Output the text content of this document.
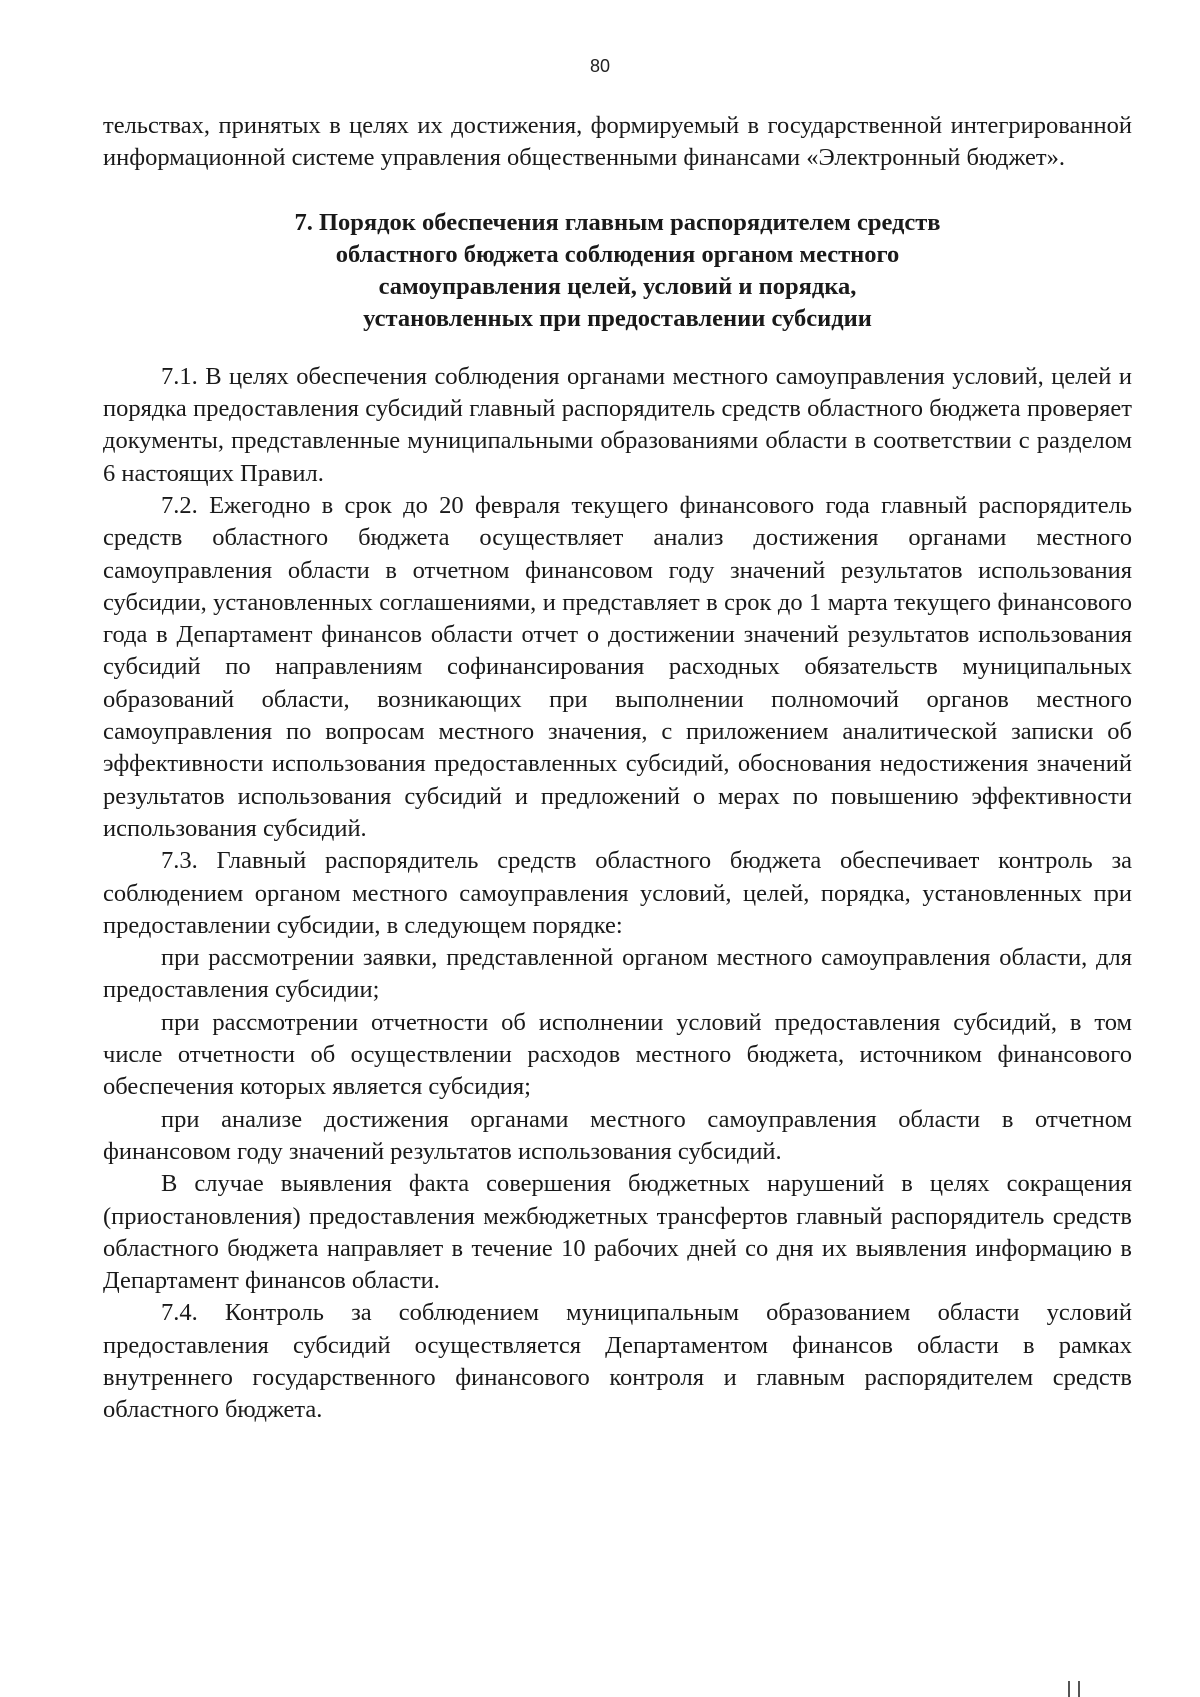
80

тельствах, принятых в целях их достижения, формируемый в государственной интегрированной информационной системе управления общественными финансами «Электронный бюджет».

7. Порядок обеспечения главным распорядителем средств
областного бюджета соблюдения органом местного
самоуправления целей, условий и порядка,
установленных при предоставлении субсидии

7.1. В целях обеспечения соблюдения органами местного самоуправления условий, целей и порядка предоставления субсидий главный распорядитель средств областного бюджета проверяет документы, представленные муниципальными образованиями области в соответствии с разделом 6 настоящих Правил.

7.2. Ежегодно в срок до 20 февраля текущего финансового года главный распорядитель средств областного бюджета осуществляет анализ достижения органами местного самоуправления области в отчетном финансовом году значений результатов использования субсидии, установленных соглашениями, и представляет в срок до 1 марта текущего финансового года в Департамент финансов области отчет о достижении значений результатов использования субсидий по направлениям софинансирования расходных обязательств муниципальных образований области, возникающих при выполнении полномочий органов местного самоуправления по вопросам местного значения, с приложением аналитической записки об эффективности использования предоставленных субсидий, обоснования недостижения значений результатов использования субсидий и предложений о мерах по повышению эффективности использования субсидий.

7.3. Главный распорядитель средств областного бюджета обеспечивает контроль за соблюдением органом местного самоуправления условий, целей, порядка, установленных при предоставлении субсидии, в следующем порядке:

при рассмотрении заявки, представленной органом местного самоуправления области, для предоставления субсидии;

при рассмотрении отчетности об исполнении условий предоставления субсидий, в том числе отчетности об осуществлении расходов местного бюджета, источником финансового обеспечения которых является субсидия;

при анализе достижения органами местного самоуправления области в отчетном финансовом году значений результатов использования субсидий.

В случае выявления факта совершения бюджетных нарушений в целях сокращения (приостановления) предоставления межбюджетных трансфертов главный распорядитель средств областного бюджета направляет в течение 10 рабочих дней со дня их выявления информацию в Департамент финансов области.

7.4. Контроль за соблюдением муниципальным образованием области условий предоставления субсидий осуществляется Департаментом финансов области в рамках внутреннего государственного финансового контроля и главным распорядителем средств областного бюджета.
